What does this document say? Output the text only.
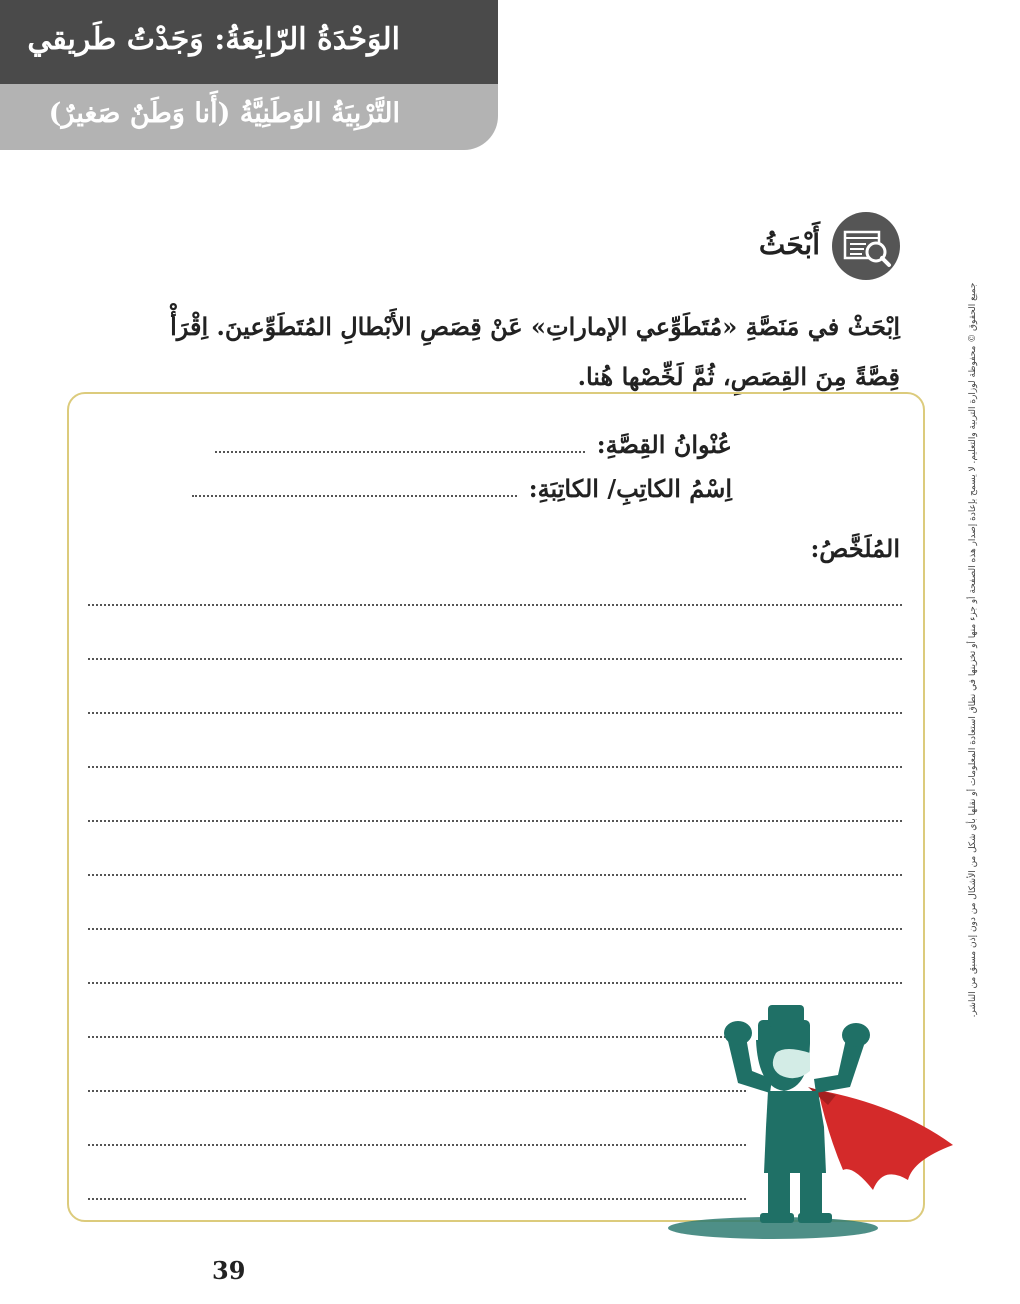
الوَحْدَةُ الرّابِعَةُ: وَجَدْتُ طَريقي
التَّرْبِيَةُ الوَطَنِيَّةُ (أَنا وَطَنٌ صَغيرٌ)
أَبْحَثُ
اِبْحَثْ في مَنَصَّةِ «مُتَطَوِّعي الإماراتِ» عَنْ قِصَصِ الأَبْطالِ المُتَطَوِّعينَ. اِقْرَأْ قِصَّةً مِنَ القِصَصِ، ثُمَّ لَخِّصْها هُنا.
عُنْوانُ القِصَّةِ:
اِسْمُ الكاتِبِ/ الكاتِبَةِ:
المُلَخَّصُ:	جميع الحقوق © محفوظة لوزارة التربية والتعليم. لا يسمح بإعادة إصدار هذه الصفحة أو جزء منها أو تخزينها في نطاق استعادة المعلومات أو نقلها بأي شكل من الأشكال من دون إذن مسبق من الناشر.
39
